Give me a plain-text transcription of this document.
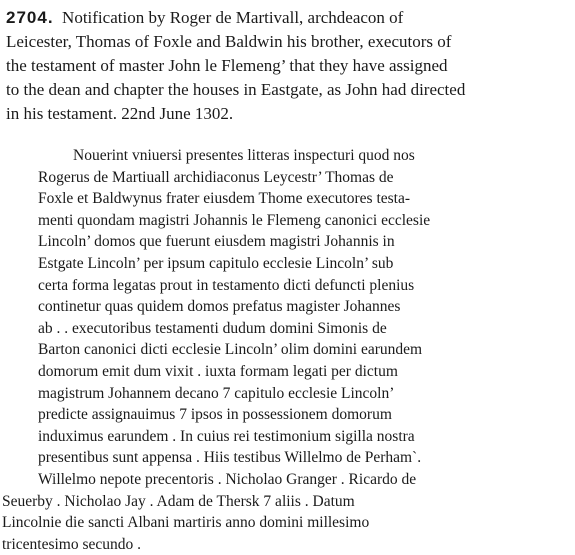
2704. Notification by Roger de Martivall, archdeacon of
Leicester, Thomas of Foxle and Baldwin his brother, executors of
the testament of master John le Flemeng’ that they have assigned
to the dean and chapter the houses in Eastgate, as John had directed
in his testament. 22nd June 1302.

Nouerint vniuersi presentes litteras inspecturi quod nos
Rogerus de Martiuall archidiaconus Leycestr’ Thomas de
Foxle et Baldwynus frater eiusdem Thome executores testa-
menti quondam magistri Johannis le Flemeng canonici ecclesie
Lincoln’ domos que fuerunt eiusdem magistri Johannis in
Estgate Lincoln’ per ipsum capitulo ecclesie Lincoln’ sub
certa forma legatas prout in testamento dicti defuncti plenius
continetur quas quidem domos prefatus magister Johannes
ab . . executoribus testamenti dudum domini Simonis de
Barton canonici dicti ecclesie Lincoln’ olim domini earundem
domorum emit dum vixit . iuxta formam legati per dictum
magistrum Johannem decano 7 capitulo ecclesie Lincoln’
predicte assignauimus 7 ipsos in possessionem domorum
induximus earundem . In cuius rei testimonium sigilla nostra
presentibus sunt appensa . Hiis testibus Willelmo de Perham`.
Willelmo nepote precentoris . Nicholao Granger . Ricardo de
Seuerby . Nicholao Jay . Adam de Thersk 7 aliis . Datum
Lincolnie die sancti Albani martiris anno domini millesimo
tricentesimo secundo .
